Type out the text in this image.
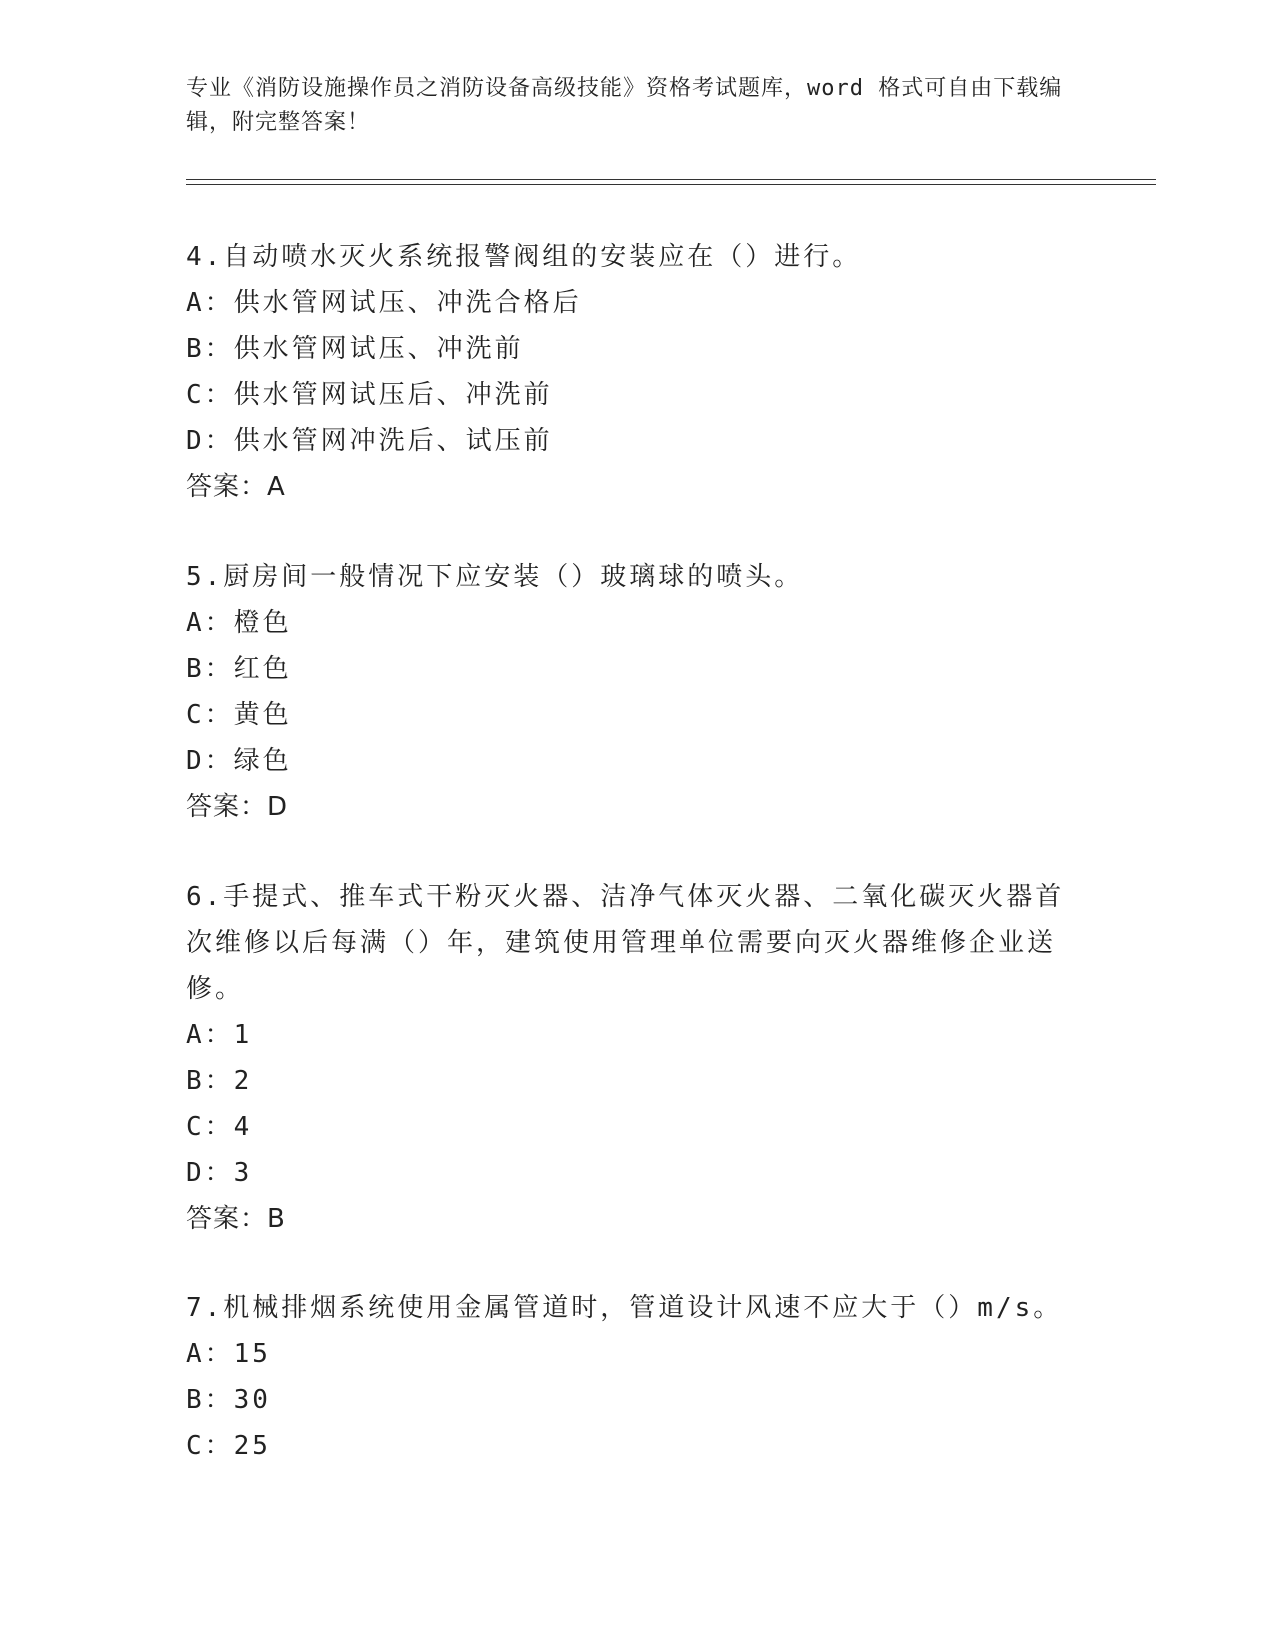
专业《消防设施操作员之消防设备高级技能》资格考试题库，word 格式可自由下载编辑，附完整答案！
4.自动喷水灭火系统报警阀组的安装应在（）进行。
A：供水管网试压、冲洗合格后
B：供水管网试压、冲洗前
C：供水管网试压后、冲洗前
D：供水管网冲洗后、试压前
答案：A
5.厨房间一般情况下应安装（）玻璃球的喷头。
A：橙色
B：红色
C：黄色
D：绿色
答案：D
6.手提式、推车式干粉灭火器、洁净气体灭火器、二氧化碳灭火器首次维修以后每满（）年，建筑使用管理单位需要向灭火器维修企业送修。
A：1
B：2
C：4
D：3
答案：B
7.机械排烟系统使用金属管道时，管道设计风速不应大于（）m/s。
A：15
B：30
C：25
